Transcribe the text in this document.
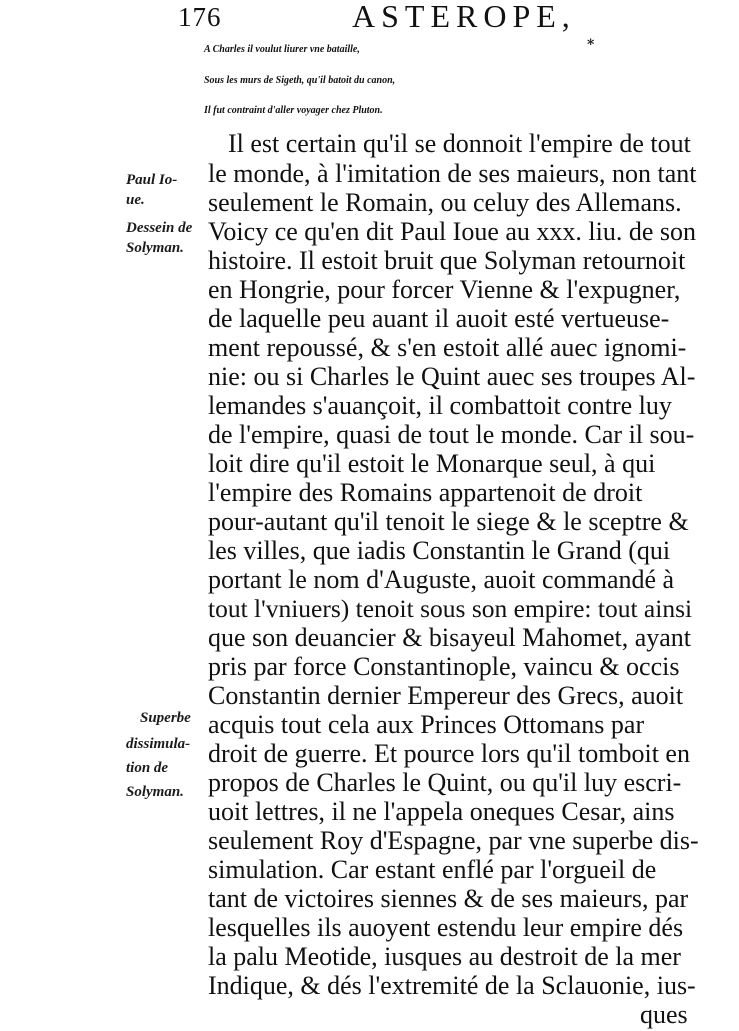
176	ASTEROPE,
A Charles il voulut liurer vne bataille,	*
Sous les murs de Sigeth, qu'il batoit du canon,
Il fut contraint d'aller voyager chez Pluton.
Paul Io-
ue.
Dessein de
Solyman.
Superbe
dissimula-
tion de
Solyman.
Il est certain qu'il se donnoit l'empire de tout
le monde, à l'imitation de ses maieurs, non tant
seulement le Romain, ou celuy des Allemans.
Voicy ce qu'en dit Paul Ioue au xxx. liu. de son
histoire. Il estoit bruit que Solyman retournoit
en Hongrie, pour forcer Vienne & l'expugner,
de laquelle peu auant il auoit esté vertueuse-
ment repoussé, & s'en estoit allé auec ignomi-
nie: ou si Charles le Quint auec ses troupes Al-
lemandes s'auançoit, il combattoit contre luy
de l'empire, quasi de tout le monde. Car il sou-
loit dire qu'il estoit le Monarque seul, à qui
l'empire des Romains appartenoit de droit
pour-autant qu'il tenoit le siege & le sceptre &
les villes, que iadis Constantin le Grand (qui
portant le nom d'Auguste, auoit commandé à
tout l'vniuers) tenoit sous son empire: tout ainsi
que son deuancier & bisayeul Mahomet, ayant
pris par force Constantinople, vaincu & occis
Constantin dernier Empereur des Grecs, auoit
acquis tout cela aux Princes Ottomans par
droit de guerre. Et pource lors qu'il tomboit en
propos de Charles le Quint, ou qu'il luy escri-
uoit lettres, il ne l'appela oneques Cesar, ains
seulement Roy d'Espagne, par vne superbe dis-
simulation. Car estant enflé par l'orgueil de
tant de victoires siennes & de ses maieurs, par
lesquelles ils auoyent estendu leur empire dés
la palu Meotide, iusques au destroit de la mer
Indique, & dés l'extremité de la Sclauonie, ius-
ques
